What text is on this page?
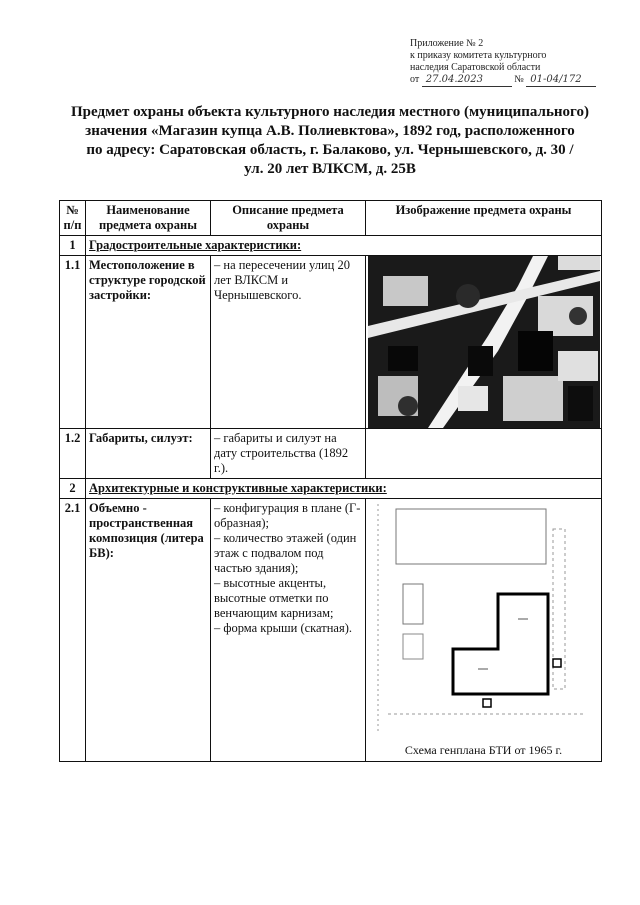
Приложение № 2
к приказу комитета культурного
наследия Саратовской области
от 27.04.2023	№ 01-04/172
Предмет охраны объекта культурного наследия местного (муниципального)
значения «Магазин купца А.В. Полиевктова», 1892 год, расположенного
по адресу: Саратовская область, г. Балаково, ул. Чернышевского, д. 30 /
ул. 20 лет ВЛКСМ, д. 25В
№ п/п	Наименование предмета охраны	Описание предмета охраны	Изображение предмета охраны
1	Градостроительные характеристики:		
1.1	Местоположение в структуре городской застройки:	– на пересечении улиц 20 лет ВЛКСМ и Чернышевского.

1.2	Габариты, силуэт:	– габариты и силуэт на дату строительства (1892 г.).	

2	Архитектурные и конструктивные характеристики:		
2.1	Объемно - пространственная композиция (литера БВ):	– конфигурация в плане (Г-образная);
– количество этажей (один этаж с подвалом под частью здания);
– высотные акценты, высотные отметки по венчающим карнизам;
– форма крыши (скатная).	Схема генплана БТИ от 1965 г.
